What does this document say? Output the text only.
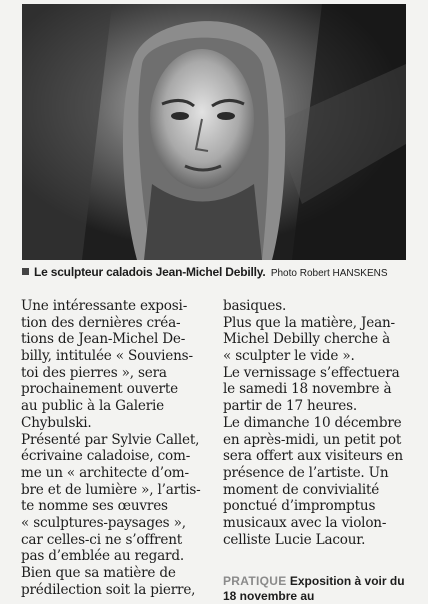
Le sculpteur caladois Jean-Michel Debilly. Photo Robert HANSKENS
Une intéressante exposi-
tion des dernières créa-
tions de Jean-Michel De-
billy, intitulée « Souviens-
toi des pierres », sera
prochainement ouverte
au public à la Galerie
Chybulski.
Présenté par Sylvie Callet,
écrivaine caladoise, com-
me un « architecte d’om-
bre et de lumière », l’artis-
te nomme ses œuvres
« sculptures-paysages »,
car celles-ci ne s’offrent
pas d’emblée au regard.
Bien que sa matière de
prédilection soit la pierre,
basiques.
Plus que la matière, Jean-
Michel Debilly cherche à
« sculpter le vide ».
Le vernissage s’effectuera
le samedi 18 novembre à
partir de 17 heures.
Le dimanche 10 décembre
en après-midi, un petit pot
sera offert aux visiteurs en
présence de l’artiste. Un
moment de convivialité
ponctué d’impromptus
musicaux avec la violon-
celliste Lucie Lacour.
PRATIQUE Exposition à voir du
18 novembre au
